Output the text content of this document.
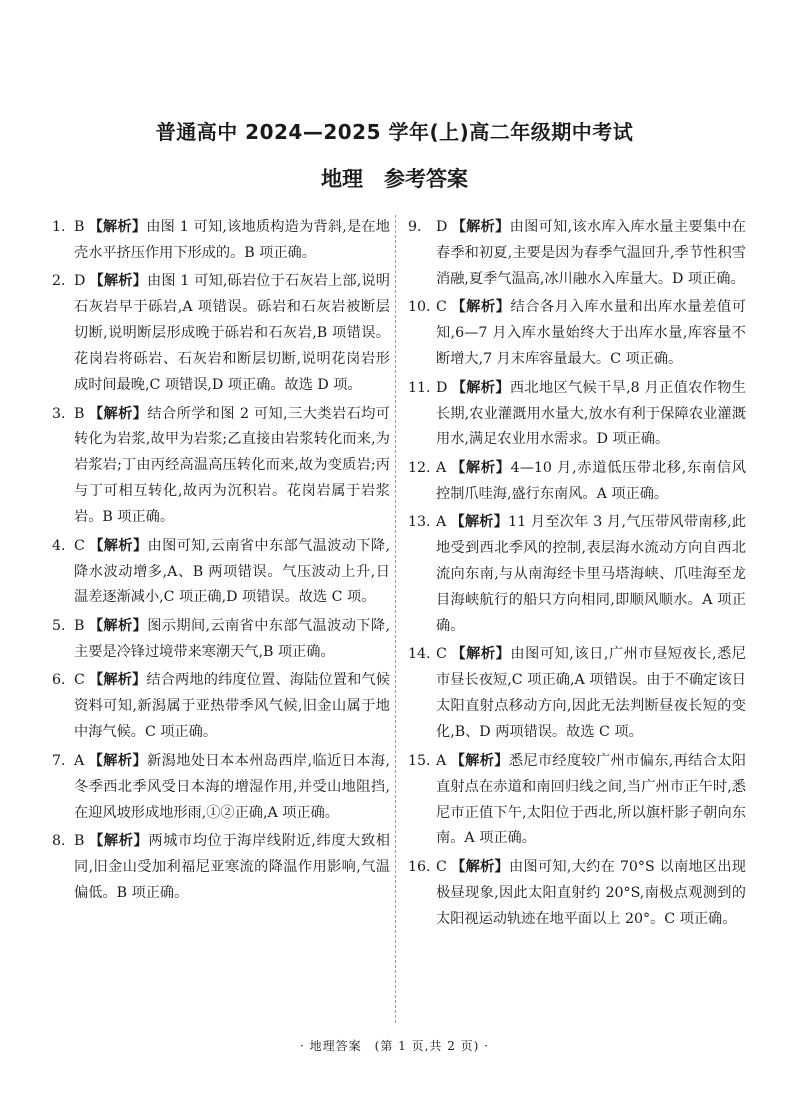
普通高中 2024—2025 学年(上)高二年级期中考试
地理　参考答案
1. B 【解析】由图 1 可知,该地质构造为背斜,是在地壳水平挤压作用下形成的。B 项正确。
2. D 【解析】由图 1 可知,砾岩位于石灰岩上部,说明石灰岩早于砾岩,A 项错误。砾岩和石灰岩被断层切断,说明断层形成晚于砾岩和石灰岩,B 项错误。花岗岩将砾岩、石灰岩和断层切断,说明花岗岩形成时间最晚,C 项错误,D 项正确。故选 D 项。
3. B 【解析】结合所学和图 2 可知,三大类岩石均可转化为岩浆,故甲为岩浆;乙直接由岩浆转化而来,为岩浆岩;丁由丙经高温高压转化而来,故为变质岩;丙与丁可相互转化,故丙为沉积岩。花岗岩属于岩浆岩。B 项正确。
4. C 【解析】由图可知,云南省中东部气温波动下降,降水波动增多,A、B 两项错误。气压波动上升,日温差逐渐减小,C 项正确,D 项错误。故选 C 项。
5. B 【解析】图示期间,云南省中东部气温波动下降,主要是冷锋过境带来寒潮天气,B 项正确。
6. C 【解析】结合两地的纬度位置、海陆位置和气候资料可知,新潟属于亚热带季风气候,旧金山属于地中海气候。C 项正确。
7. A 【解析】新潟地处日本本州岛西岸,临近日本海,冬季西北季风受日本海的增湿作用,并受山地阻挡,在迎风坡形成地形雨,①②正确,A 项正确。
8. B 【解析】两城市均位于海岸线附近,纬度大致相同,旧金山受加利福尼亚寒流的降温作用影响,气温偏低。B 项正确。
9.	D 【解析】由图可知,该水库入库水量主要集中在春季和初夏,主要是因为春季气温回升,季节性积雪消融,夏季气温高,冰川融水入库量大。D 项正确。
10. C 【解析】结合各月入库水量和出库水量差值可知,6—7 月入库水量始终大于出库水量,库容量不断增大,7 月末库容量最大。C 项正确。
11. D 【解析】西北地区气候干旱,8 月正值农作物生长期,农业灌溉用水量大,放水有利于保障农业灌溉用水,满足农业用水需求。D 项正确。
12. A 【解析】4—10 月,赤道低压带北移,东南信风控制爪哇海,盛行东南风。A 项正确。
13. A 【解析】11 月至次年 3 月,气压带风带南移,此地受到西北季风的控制,表层海水流动方向自西北流向东南,与从南海经卡里马塔海峡、爪哇海至龙目海峡航行的船只方向相同,即顺风顺水。A 项正确。
14. C 【解析】由图可知,该日,广州市昼短夜长,悉尼市昼长夜短,C 项正确,A 项错误。由于不确定该日太阳直射点移动方向,因此无法判断昼夜长短的变化,B、D 两项错误。故选 C 项。
15. A 【解析】悉尼市经度较广州市偏东,再结合太阳直射点在赤道和南回归线之间,当广州市正午时,悉尼市正值下午,太阳位于西北,所以旗杆影子朝向东南。A 项正确。
16. C 【解析】由图可知,大约在 70°S 以南地区出现极昼现象,因此太阳直射约 20°S,南极点观测到的太阳视运动轨迹在地平面以上 20°。C 项正确。
· 地理答案　(第 1 页,共 2 页) ·
